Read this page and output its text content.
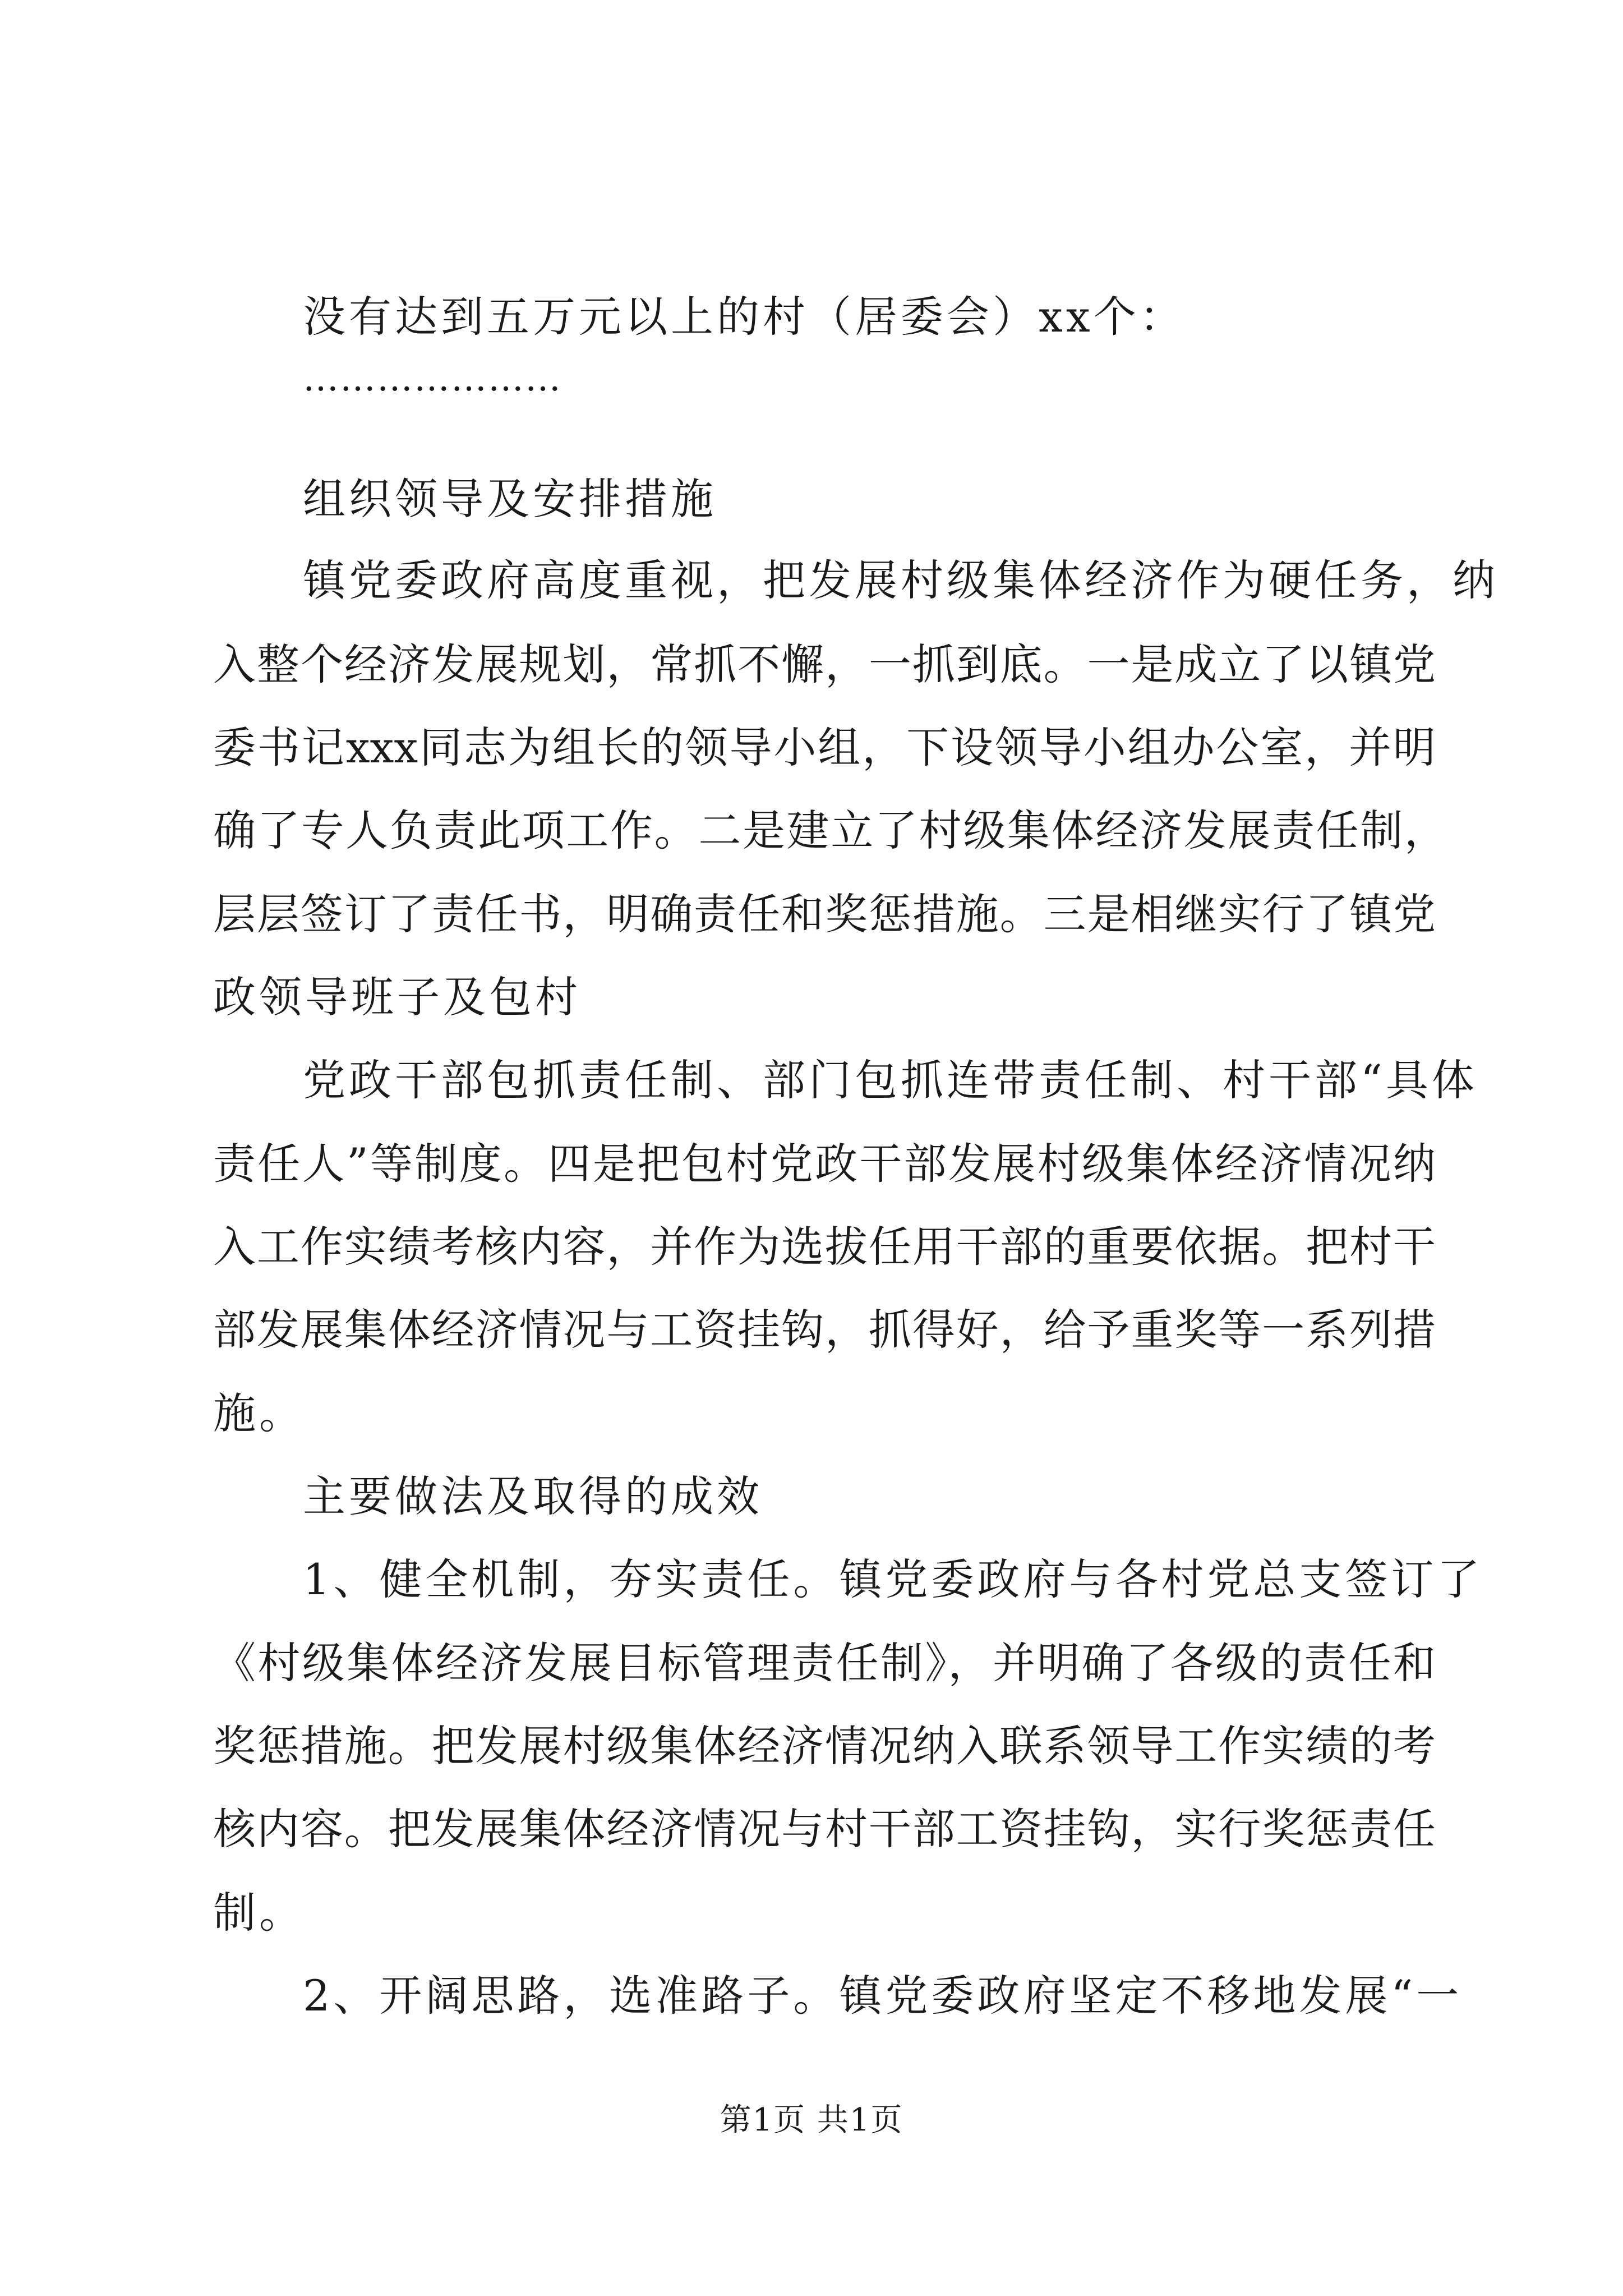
没有达到五万元以上的村（居委会）xx个：
…………………
组织领导及安排措施
镇党委政府高度重视，把发展村级集体经济作为硬任务，纳
入整个经济发展规划，常抓不懈，一抓到底。一是成立了以镇党
委书记xxx同志为组长的领导小组，下设领导小组办公室，并明
确了专人负责此项工作。二是建立了村级集体经济发展责任制，
层层签订了责任书，明确责任和奖惩措施。三是相继实行了镇党
政领导班子及包村
党政干部包抓责任制、部门包抓连带责任制、村干部“具体
责任人”等制度。四是把包村党政干部发展村级集体经济情况纳
入工作实绩考核内容，并作为选拔任用干部的重要依据。把村干
部发展集体经济情况与工资挂钩，抓得好，给予重奖等一系列措
施。
主要做法及取得的成效
1、健全机制，夯实责任。镇党委政府与各村党总支签订了
《村级集体经济发展目标管理责任制》，并明确了各级的责任和
奖惩措施。把发展村级集体经济情况纳入联系领导工作实绩的考
核内容。把发展集体经济情况与村干部工资挂钩，实行奖惩责任
制。
2、开阔思路，选准路子。镇党委政府坚定不移地发展“一
第1页 共1页
